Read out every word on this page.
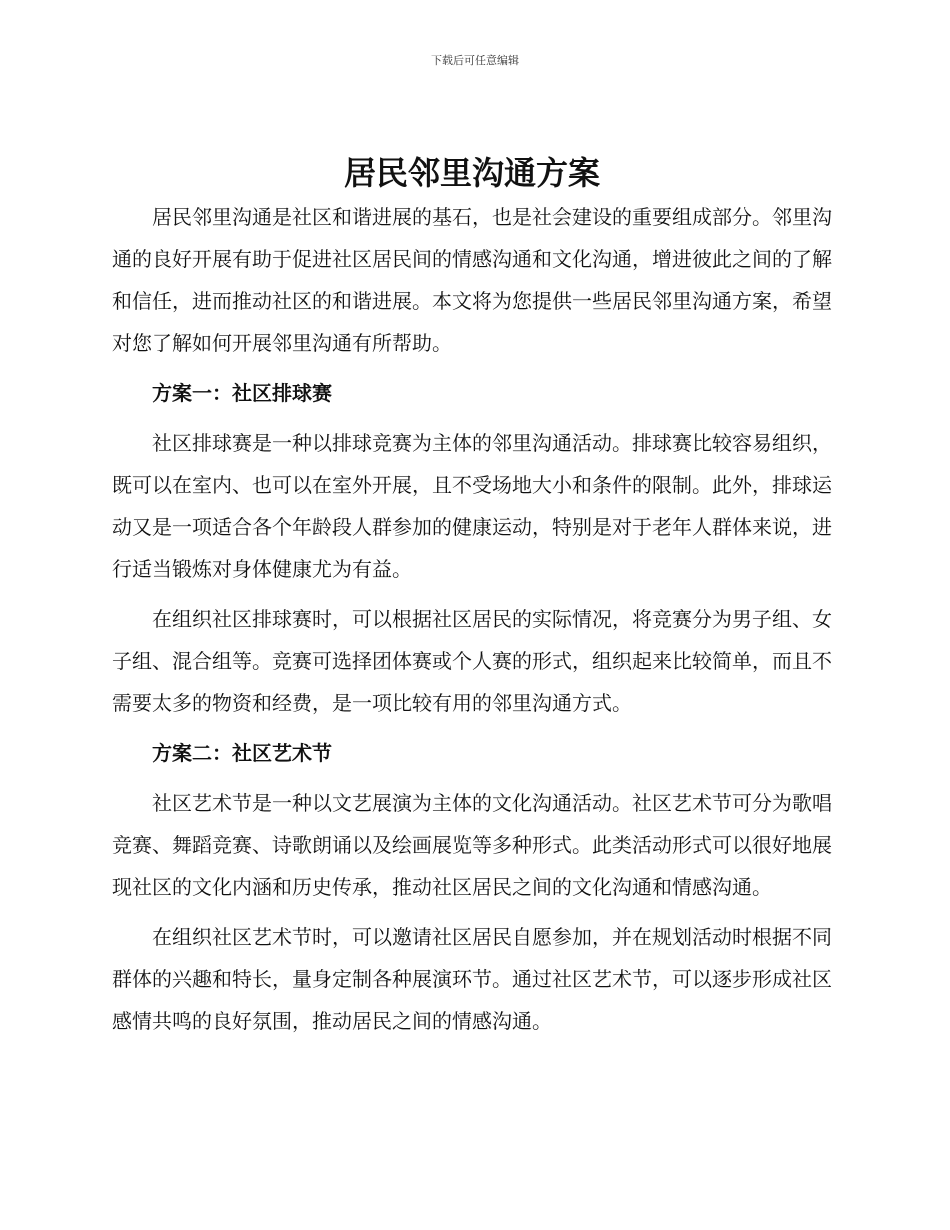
下载后可任意编辑
居民邻里沟通方案

居民邻里沟通是社区和谐进展的基石，也是社会建设的重要组成部分。邻里沟通的良好开展有助于促进社区居民间的情感沟通和文化沟通，增进彼此之间的了解和信任，进而推动社区的和谐进展。本文将为您提供一些居民邻里沟通方案，希望对您了解如何开展邻里沟通有所帮助。

方案一：社区排球赛

社区排球赛是一种以排球竞赛为主体的邻里沟通活动。排球赛比较容易组织，既可以在室内、也可以在室外开展，且不受场地大小和条件的限制。此外，排球运动又是一项适合各个年龄段人群参加的健康运动，特别是对于老年人群体来说，进行适当锻炼对身体健康尤为有益。

在组织社区排球赛时，可以根据社区居民的实际情况，将竞赛分为男子组、女子组、混合组等。竞赛可选择团体赛或个人赛的形式，组织起来比较简单，而且不需要太多的物资和经费，是一项比较有用的邻里沟通方式。

方案二：社区艺术节

社区艺术节是一种以文艺展演为主体的文化沟通活动。社区艺术节可分为歌唱竞赛、舞蹈竞赛、诗歌朗诵以及绘画展览等多种形式。此类活动形式可以很好地展现社区的文化内涵和历史传承，推动社区居民之间的文化沟通和情感沟通。

在组织社区艺术节时，可以邀请社区居民自愿参加，并在规划活动时根据不同群体的兴趣和特长，量身定制各种展演环节。通过社区艺术节，可以逐步形成社区感情共鸣的良好氛围，推动居民之间的情感沟通。
